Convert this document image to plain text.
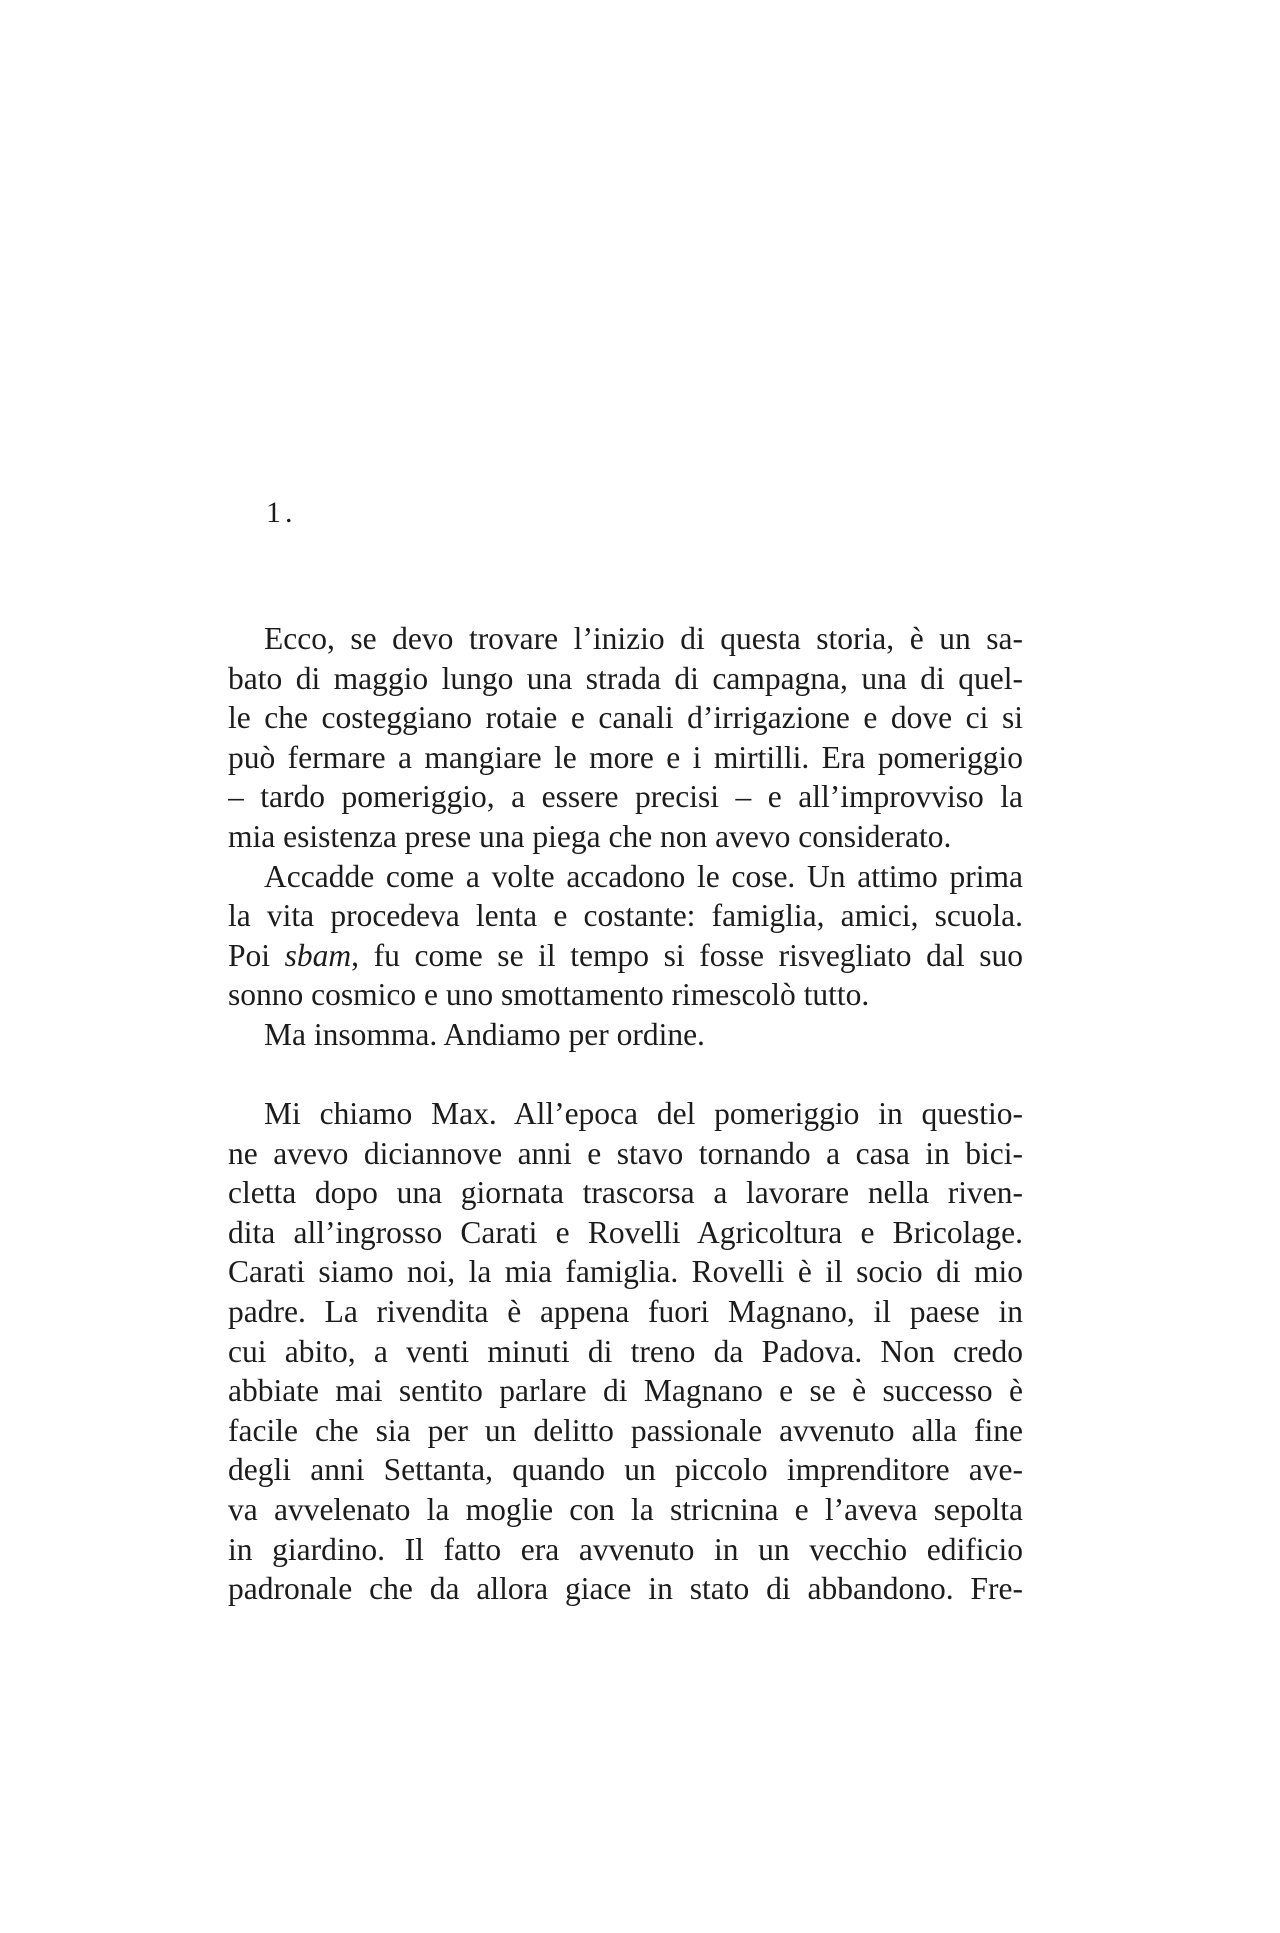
1.

Ecco, se devo trovare l’inizio di questa storia, è un sa-
bato di maggio lungo una strada di campagna, una di quel-
le che costeggiano rotaie e canali d’irrigazione e dove ci si
può fermare a mangiare le more e i mirtilli. Era pomeriggio
– tardo pomeriggio, a essere precisi – e all’improvviso la
mia esistenza prese una piega che non avevo considerato.
Accadde come a volte accadono le cose. Un attimo prima
la vita procedeva lenta e costante: famiglia, amici, scuola.
Poi sbam, fu come se il tempo si fosse risvegliato dal suo
sonno cosmico e uno smottamento rimescolò tutto.
Ma insomma. Andiamo per ordine.
Mi chiamo Max. All’epoca del pomeriggio in questio-
ne avevo diciannove anni e stavo tornando a casa in bici-
cletta dopo una giornata trascorsa a lavorare nella riven-
dita all’ingrosso Carati e Rovelli Agricoltura e Bricolage.
Carati siamo noi, la mia famiglia. Rovelli è il socio di mio
padre. La rivendita è appena fuori Magnano, il paese in
cui abito, a venti minuti di treno da Padova. Non credo
abbiate mai sentito parlare di Magnano e se è successo è
facile che sia per un delitto passionale avvenuto alla fine
degli anni Settanta, quando un piccolo imprenditore ave-
va avvelenato la moglie con la stricnina e l’aveva sepolta
in giardino. Il fatto era avvenuto in un vecchio edificio
padronale che da allora giace in stato di abbandono. Fre-
